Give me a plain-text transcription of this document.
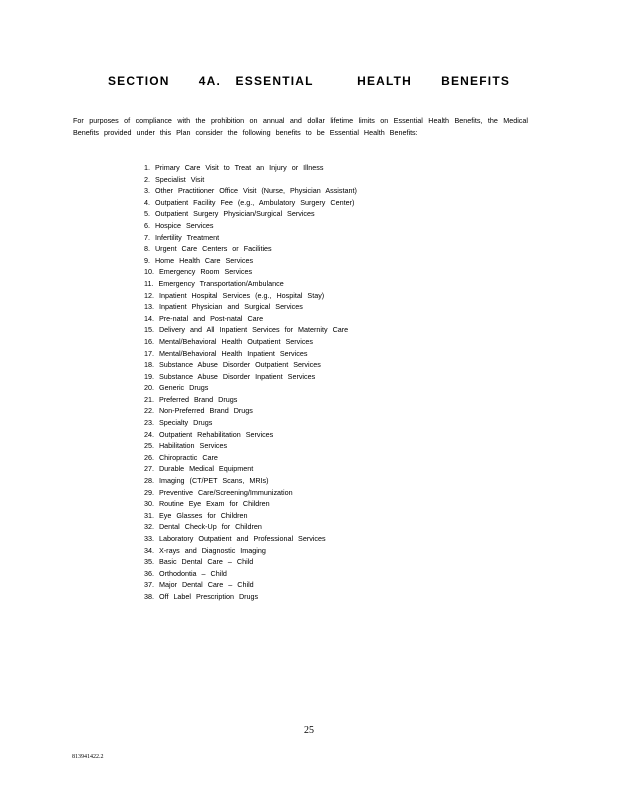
SECTION  4A. ESSENTIAL   HEALTH  BENEFITS
For purposes of compliance with the prohibition on annual and dollar lifetime limits on Essential Health Benefits, the Medical Benefits provided under this Plan consider the following benefits to be Essential Health Benefits:
1. Primary Care Visit to Treat an Injury or Illness
2. Specialist Visit
3. Other Practitioner Office Visit (Nurse, Physician Assistant)
4. Outpatient Facility Fee (e.g., Ambulatory Surgery Center)
5. Outpatient Surgery Physician/Surgical Services
6. Hospice Services
7. Infertility Treatment
8. Urgent Care Centers or Facilities
9. Home Health Care Services
10. Emergency Room Services
11. Emergency Transportation/Ambulance
12. Inpatient Hospital Services (e.g., Hospital Stay)
13. Inpatient Physician and Surgical Services
14. Pre-natal and Post-natal Care
15. Delivery and All Inpatient Services for Maternity Care
16. Mental/Behavioral Health Outpatient Services
17. Mental/Behavioral Health Inpatient Services
18. Substance Abuse Disorder Outpatient Services
19. Substance Abuse Disorder Inpatient Services
20. Generic Drugs
21. Preferred Brand Drugs
22. Non-Preferred Brand Drugs
23. Specialty Drugs
24. Outpatient Rehabilitation Services
25. Habilitation Services
26. Chiropractic Care
27. Durable Medical Equipment
28. Imaging (CT/PET Scans, MRIs)
29. Preventive Care/Screening/Immunization
30. Routine Eye Exam for Children
31. Eye Glasses for Children
32. Dental Check-Up for Children
33. Laboratory Outpatient and Professional Services
34. X-rays and Diagnostic Imaging
35. Basic Dental Care – Child
36. Orthodontia – Child
37. Major Dental Care – Child
38. Off Label Prescription Drugs
25
813941422.2
